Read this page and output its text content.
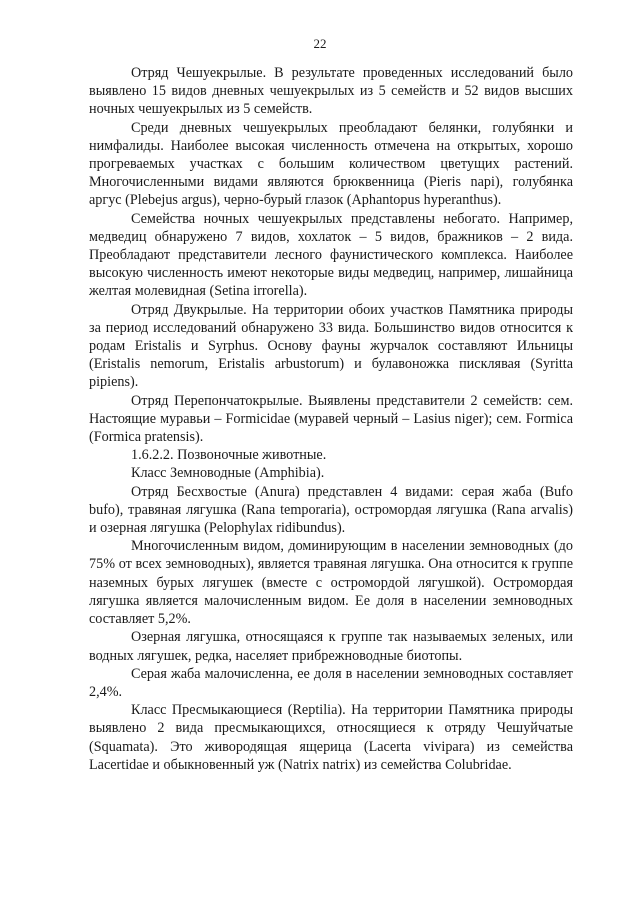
22

Отряд Чешуекрылые. В результате проведенных исследований было выявлено 15 видов дневных чешуекрылых из 5 семейств и 52 видов высших ночных чешуекрылых из 5 семейств.

Среди дневных чешуекрылых преобладают белянки, голубянки и нимфалиды. Наиболее высокая численность отмечена на открытых, хорошо прогреваемых участках с большим количеством цветущих растений. Многочисленными видами являются брюквенница (Pieris napi), голубянка аргус (Plebejus argus), черно-бурый глазок (Aphantopus hyperanthus).

Семейства ночных чешуекрылых представлены небогато. Например, медведиц обнаружено 7 видов, хохлаток – 5 видов, бражников – 2 вида. Преобладают представители лесного фаунистического комплекса. Наиболее высокую численность имеют некоторые виды медведиц, например, лишайница желтая молевидная (Setina irrorella).

Отряд Двукрылые. На территории обоих участков Памятника природы за период исследований обнаружено 33 вида. Большинство видов относится к родам Eristalis и Syrphus. Основу фауны журчалок составляют Ильницы (Eristalis nemorum, Eristalis arbustorum) и булавоножка писклявая (Syritta pipiens).

Отряд Перепончатокрылые. Выявлены представители 2 семейств: сем. Настоящие муравьи – Formicidae (муравей черный – Lasius niger); сем. Formica (Formica pratensis).

1.6.2.2. Позвоночные животные.

Класс Земноводные (Amphibia).

Отряд Бесхвостые (Anura) представлен 4 видами: серая жаба (Bufo bufo), травяная лягушка (Rana temporaria), остромордая лягушка (Rana arvalis) и озерная лягушка (Pelophylax ridibundus).

Многочисленным видом, доминирующим в населении земноводных (до 75% от всех земноводных), является травяная лягушка. Она относится к группе наземных бурых лягушек (вместе с остромордой лягушкой). Остромордая лягушка является малочисленным видом. Ее доля в населении земноводных составляет 5,2%.

Озерная лягушка, относящаяся к группе так называемых зеленых, или водных лягушек, редка, населяет прибрежноводные биотопы.

Серая жаба малочисленна, ее доля в населении земноводных составляет 2,4%.

Класс Пресмыкающиеся (Reptilia). На территории Памятника природы выявлено 2 вида пресмыкающихся, относящиеся к отряду Чешуйчатые (Squamata). Это живородящая ящерица (Lacerta vivipara) из семейства Lacertidae и обыкновенный уж (Natrix natrix) из семейства Colubridae.
